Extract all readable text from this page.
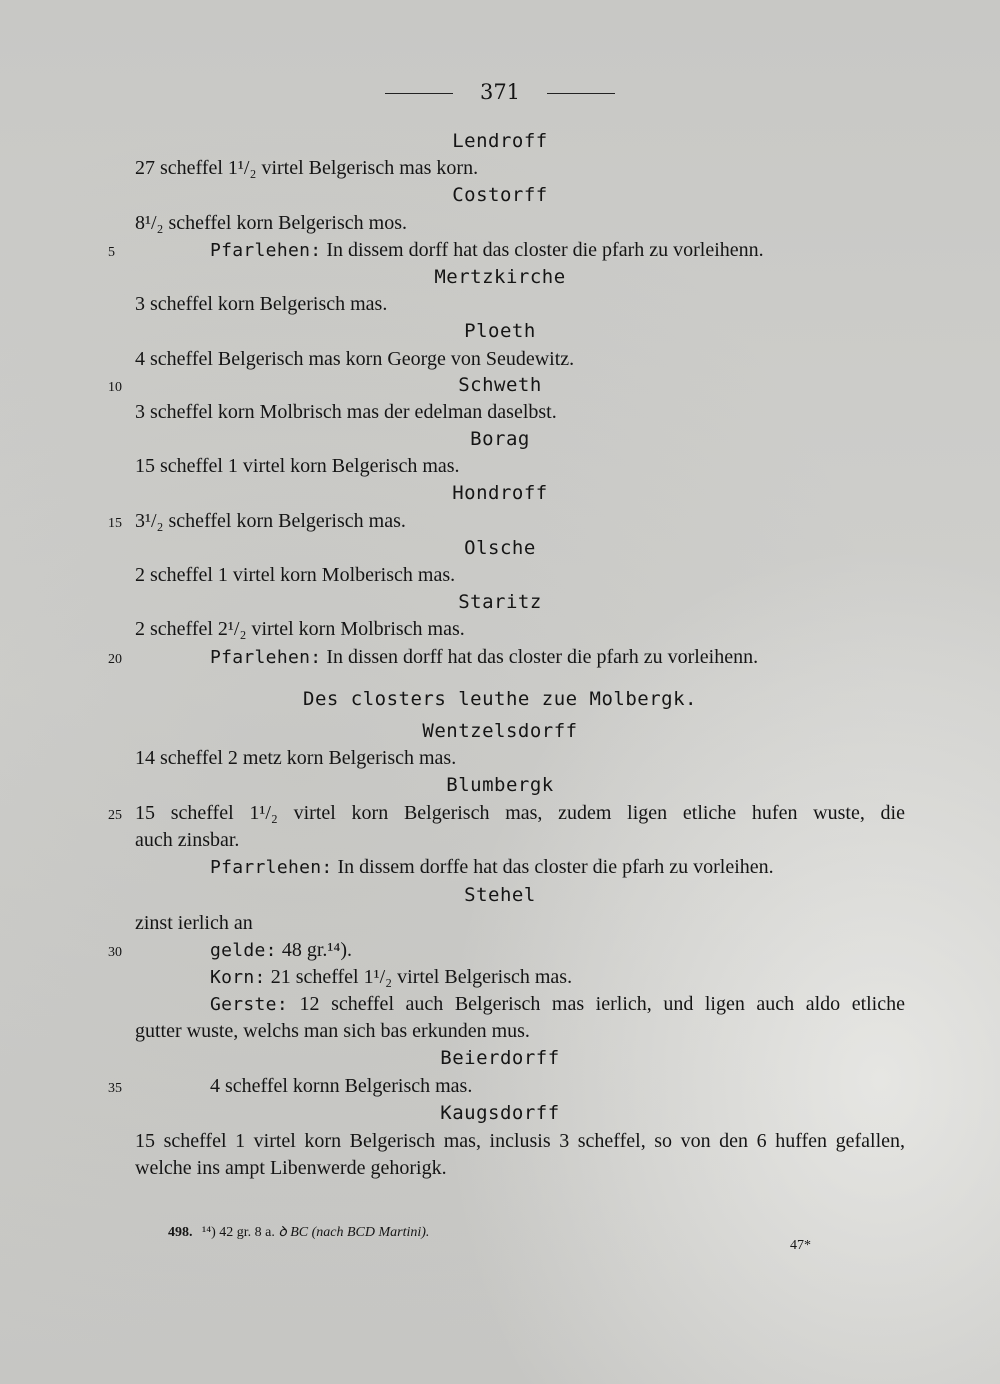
371
Lendroff
27 scheffel 1¹/₂ virtel Belgerisch mas korn.
Costorff
8¹/₂ scheffel korn Belgerisch mos.
Pfarlehen: In dissem dorff hat das closter die pfarh zu vorleihenn.
5
Mertzkirche
3 scheffel korn Belgerisch mas.
Ploeth
4 scheffel Belgerisch mas korn George von Seudewitz.
Schweth
10
3 scheffel korn Molbrisch mas der edelman daselbst.
Borag
15 scheffel 1 virtel korn Belgerisch mas.
Hondroff
3¹/₂ scheffel korn Belgerisch mas.
15
Olsche
2 scheffel 1 virtel korn Molberisch mas.
Staritz
2 scheffel 2¹/₂ virtel korn Molbrisch mas.
Pfarlehen: In dissen dorff hat das closter die pfarh zu vorleihenn.
20
Des closters leuthe zue Molbergk.
Wentzelsdorff
14 scheffel 2 metz korn Belgerisch mas.
Blumbergk
15 scheffel 1¹/₂ virtel korn Belgerisch mas, zudem ligen etliche hufen wuste, die
25
auch zinsbar.
Pfarrlehen: In dissem dorffe hat das closter die pfarh zu vorleihen.
Stehel
zinst ierlich an
gelde: 48 gr.¹⁴).
30
Korn: 21 scheffel 1¹/₂ virtel Belgerisch mas.
Gerste: 12 scheffel auch Belgerisch mas ierlich, und ligen auch aldo etliche
gutter wuste, welchs man sich bas erkunden mus.
Beierdorff
4 scheffel kornn Belgerisch mas.
35
Kaugsdorff
15 scheffel 1 virtel korn Belgerisch mas, inclusis 3 scheffel, so von den 6 huffen gefallen,
welche ins ampt Libenwerde gehorigk.
498. ¹⁴) 42 gr. 8 a. ꝺ BC (nach BCD Martini).
47*
